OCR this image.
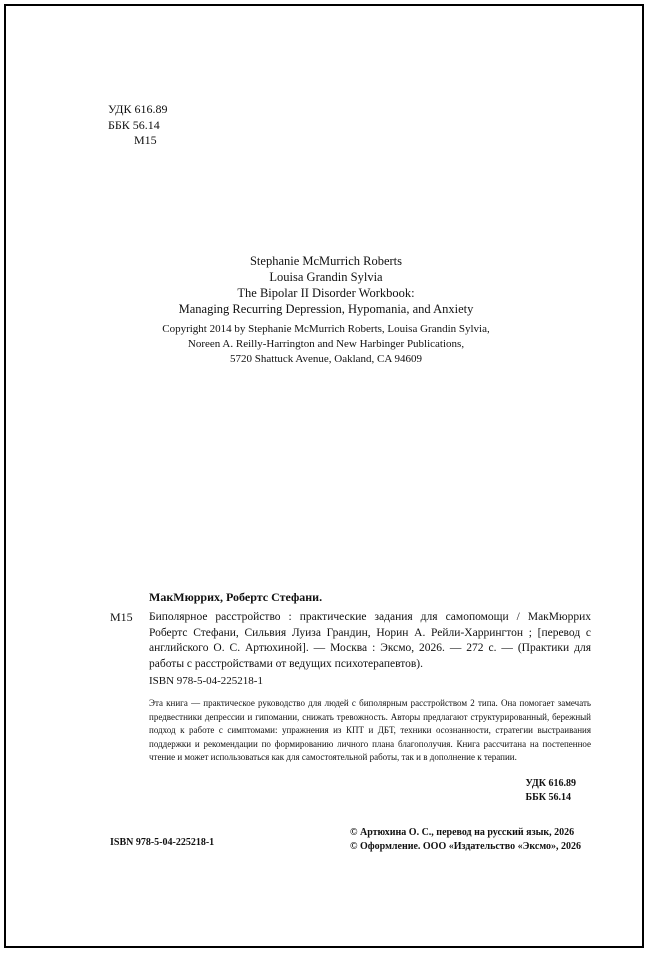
УДК 616.89
ББК 56.14
М15
Stephanie McMurrich Roberts
Louisa Grandin Sylvia
The Bipolar II Disorder Workbook:
Managing Recurring Depression, Hypomania, and Anxiety
Copyright 2014 by Stephanie McMurrich Roberts, Louisa Grandin Sylvia,
Noreen A. Reilly-Harrington and New Harbinger Publications,
5720 Shattuck Avenue, Oakland, CA 94609
МакМюррих, Робертс Стефани.
М15 Биполярное расстройство : практические задания для самопомощи / МакМюррих Робертс Стефани, Сильвия Луиза Грандин, Норин А. Рейли-Харрингтон ; [перевод с английского О. С. Артюхиной]. — Москва : Эксмо, 2026. — 272 с. — (Практики для работы с расстройствами от ведущих психотерапевтов).
ISBN 978-5-04-225218-1
Эта книга — практическое руководство для людей с биполярным расстройством 2 типа. Она помогает замечать предвестники депрессии и гипомании, снижать тревожность. Авторы предлагают структурированный, бережный подход к работе с симптомами: упражнения из КПТ и ДБТ, техники осознанности, стратегии выстраивания поддержки и рекомендации по формированию личного плана благополучия. Книга рассчитана на постепенное чтение и может использоваться как для самостоятельной работы, так и в дополнение к терапии.
УДК 616.89
ББК 56.14
ISBN 978-5-04-225218-1
© Артюхина О. С., перевод на русский язык, 2026
© Оформление. ООО «Издательство «Эксмо», 2026
